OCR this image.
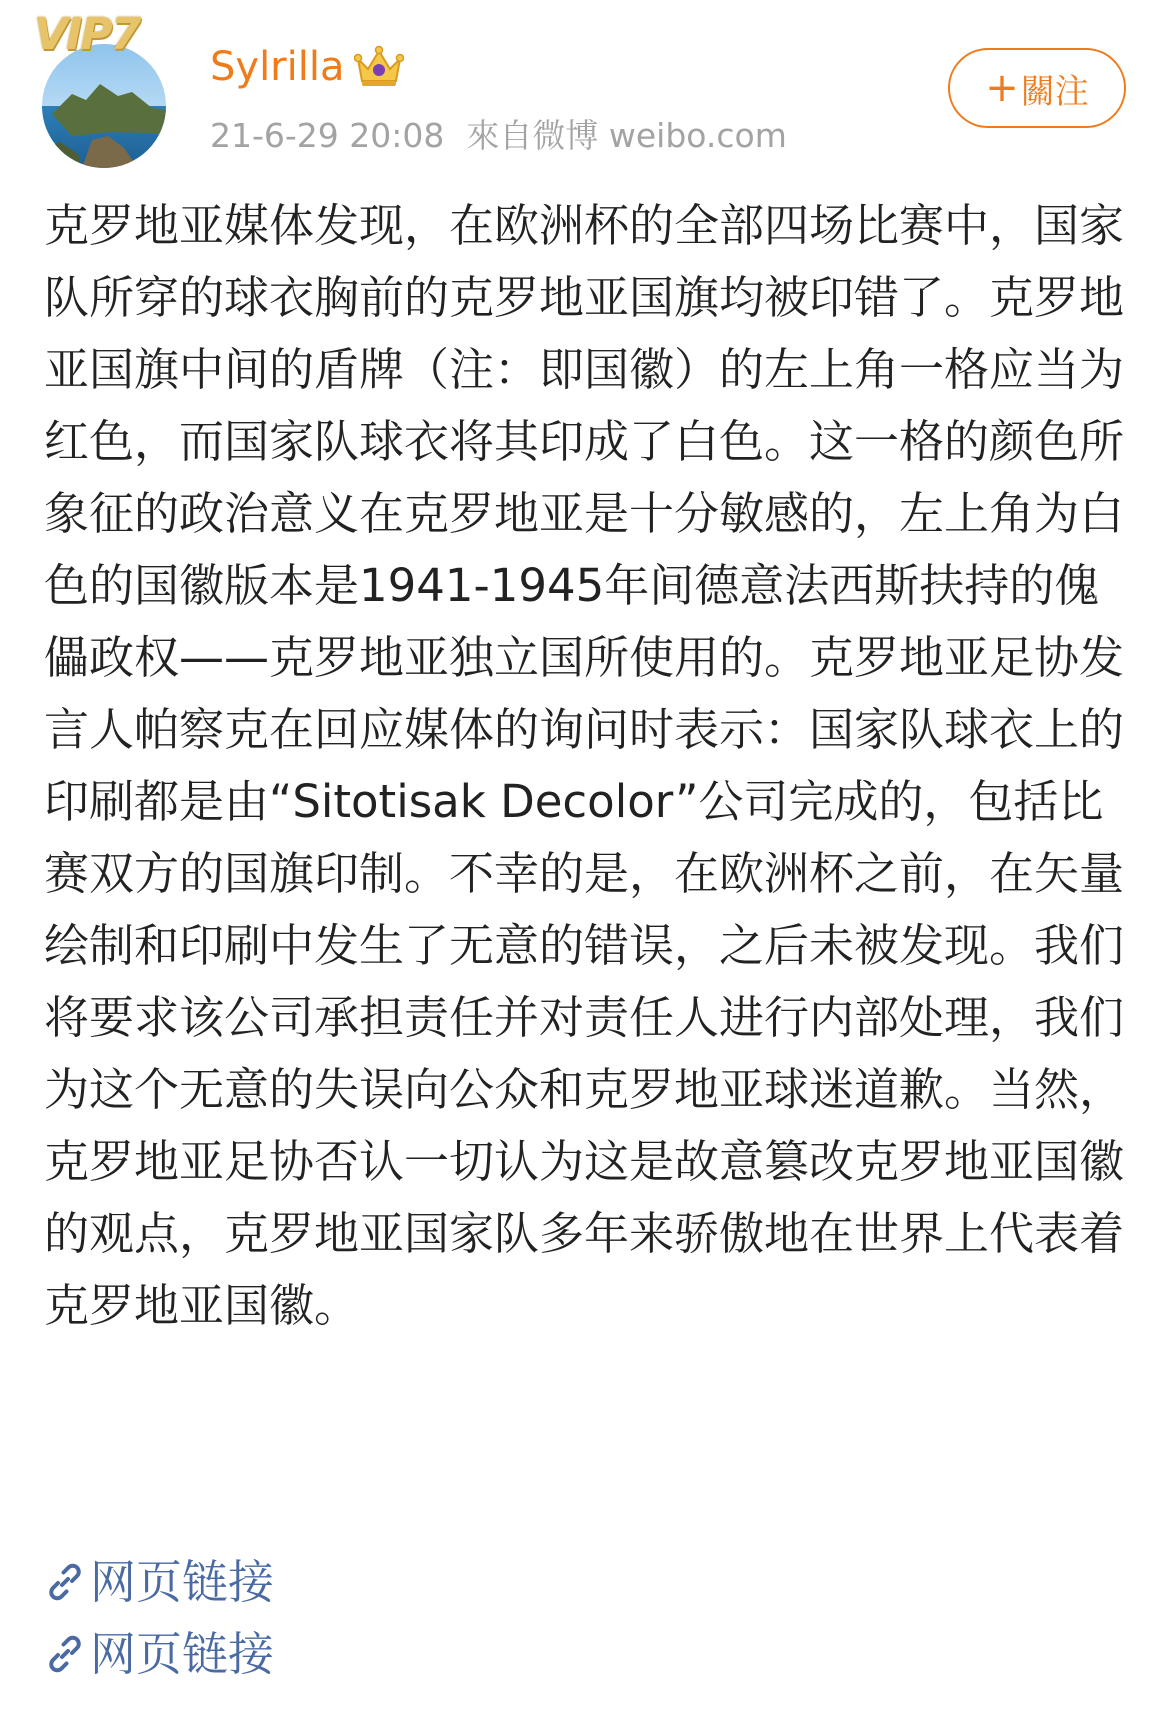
VIP7
Sylrilla
21-6-29 20:08 來自微博 weibo.com
+ 關注
克罗地亚媒体发现，在欧洲杯的全部四场比赛中，国家队所穿的球衣胸前的克罗地亚国旗均被印错了。克罗地亚国旗中间的盾牌（注：即国徽）的左上角一格应当为红色，而国家队球衣将其印成了白色。这一格的颜色所象征的政治意义在克罗地亚是十分敏感的，左上角为白色的国徽版本是1941-1945年间德意法西斯扶持的傀儡政权——克罗地亚独立国所使用的。克罗地亚足协发言人帕察克在回应媒体的询问时表示：国家队球衣上的印刷都是由“Sitotisak Decolor”公司完成的，包括比赛双方的国旗印制。不幸的是，在欧洲杯之前，在矢量绘制和印刷中发生了无意的错误，之后未被发现。我们将要求该公司承担责任并对责任人进行内部处理，我们为这个无意的失误向公众和克罗地亚球迷道歉。当然，克罗地亚足协否认一切认为这是故意篡改克罗地亚国徽的观点，克罗地亚国家队多年来骄傲地在世界上代表着克罗地亚国徽。
网页链接
网页链接
